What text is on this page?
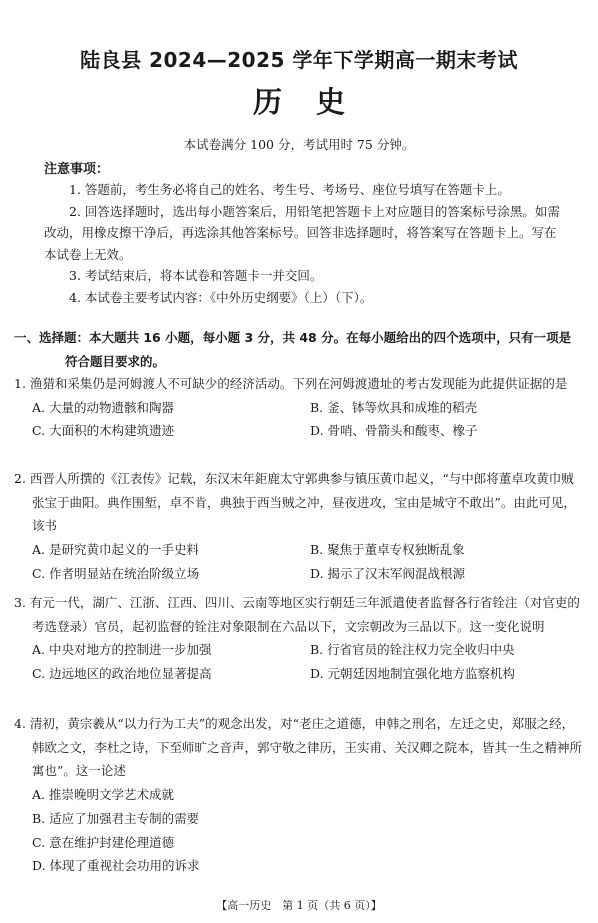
陆良县 2024—2025 学年下学期高一期末考试
历史
本试卷满分 100 分，考试用时 75 分钟。
注意事项：

1. 答题前，考生务必将自己的姓名、考生号、考场号、座位号填写在答题卡上。

2. 回答选择题时，选出每小题答案后，用铅笔把答题卡上对应题目的答案标号涂黑。如需改动，用橡皮擦干净后，再选涂其他答案标号。回答非选择题时，将答案写在答题卡上。写在本试卷上无效。

3. 考试结束后，将本试卷和答题卡一并交回。

4. 本试卷主要考试内容：《中外历史纲要》（上）（下）。

一、选择题：本大题共 16 小题，每小题 3 分，共 48 分。在每小题给出的四个选项中，只有一项是
符合题目要求的。

1. 渔猎和采集仍是河姆渡人不可缺少的经济活动。下列在河姆渡遗址的考古发现能为此提供证据的是

A. 大量的动物遗骸和陶器	B. 釜、钵等炊具和成堆的稻壳
C. 大面积的木构建筑遗迹	D. 骨哨、骨箭头和酸枣、橡子

2. 西晋人所撰的《江表传》记载，东汉末年鉅鹿太守郭典参与镇压黄巾起义，“与中郎将董卓攻黄巾贼张宝于曲阳。典作围堑，卓不肯，典独于西当贼之冲，昼夜进攻，宝由是城守不敢出”。由此可见，该书

A. 是研究黄巾起义的一手史料	B. 聚焦于董卓专权独断乱象
C. 作者明显站在统治阶级立场	D. 揭示了汉末军阀混战根源

3. 有元一代，湖广、江浙、江西、四川、云南等地区实行朝廷三年派遣使者监督各行省铨注（对官吏的考选登录）官员，起初监督的铨注对象限制在六品以下，文宗朝改为三品以下。这一变化说明

A. 中央对地方的控制进一步加强	B. 行省官员的铨注权力完全收归中央
C. 边远地区的政治地位显著提高	D. 元朝廷因地制宜强化地方监察机构

4. 清初，黄宗羲从“以力行为工夫”的观念出发，对“老庄之道德，申韩之刑名，左迁之史，郑服之经，韩欧之文，李杜之诗，下至师旷之音声，郭守敬之律历，王实甫、关汉卿之院本，皆其一生之精神所寓也”。这一论述

A. 推崇晚明文学艺术成就
B. 适应了加强君主专制的需要
C. 意在维护封建伦理道德
D. 体现了重视社会功用的诉求
【高一历史　第 1 页（共 6 页）】
